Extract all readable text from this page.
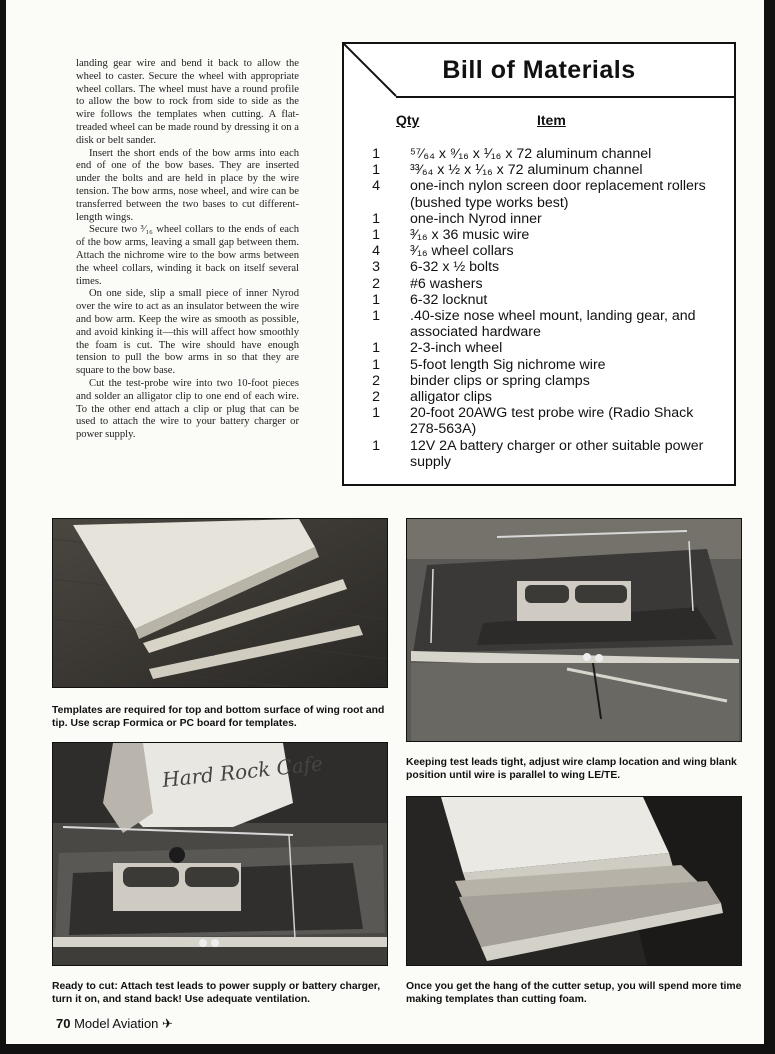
landing gear wire and bend it back to allow the wheel to caster. Secure the wheel with appropriate wheel collars. The wheel must have a round profile to allow the bow to rock from side to side as the wire follows the templates when cutting. A flat-treaded wheel can be made round by dressing it on a disk or belt sander.

Insert the short ends of the bow arms into each end of one of the bow bases. They are inserted under the bolts and are held in place by the wire tension. The bow arms, nose wheel, and wire can be transferred between the two bases to cut different-length wings.

Secure two ³⁄₁₆ wheel collars to the ends of each of the bow arms, leaving a small gap between them. Attach the nichrome wire to the bow arms between the wheel collars, winding it back on itself several times.

On one side, slip a small piece of inner Nyrod over the wire to act as an insulator between the wire and bow arm. Keep the wire as smooth as possible, and avoid kinking it—this will affect how smoothly the foam is cut. The wire should have enough tension to pull the bow arms in so that they are square to the bow base.

Cut the test-probe wire into two 10-foot pieces and solder an alligator clip to one end of each wire. To the other end attach a clip or plug that can be used to attach the wire to your battery charger or power supply.

Bill of Materials
Qty	Item
1	⁵⁷⁄₆₄ x ⁹⁄₁₆ x ¹⁄₁₆ x 72 aluminum channel
1	³³⁄₆₄ x ½ x ¹⁄₁₆ x 72 aluminum channel
4	one-inch nylon screen door replacement rollers (bushed type works best)
1	one-inch Nyrod inner
1	³⁄₁₆ x 36 music wire
4	³⁄₁₆ wheel collars
3	6-32 x ½ bolts
2	#6 washers
1	6-32 locknut
1	.40-size nose wheel mount, landing gear, and associated hardware
1	2-3-inch wheel
1	5-foot length Sig nichrome wire
2	binder clips or spring clamps
2	alligator clips
1	20-foot 20AWG test probe wire (Radio Shack 278-563A)
1	12V 2A battery charger or other suitable power supply
Templates are required for top and bottom surface of wing root and tip. Use scrap Formica or PC board for templates.
Keeping test leads tight, adjust wire clamp location and wing blank position until wire is parallel to wing LE/TE.
Hard Rock Cafe
Ready to cut: Attach test leads to power supply or battery charger, turn it on, and stand back! Use adequate ventilation.
Once you get the hang of the cutter setup, you will spend more time making templates than cutting foam.
70 Model Aviation ✈
